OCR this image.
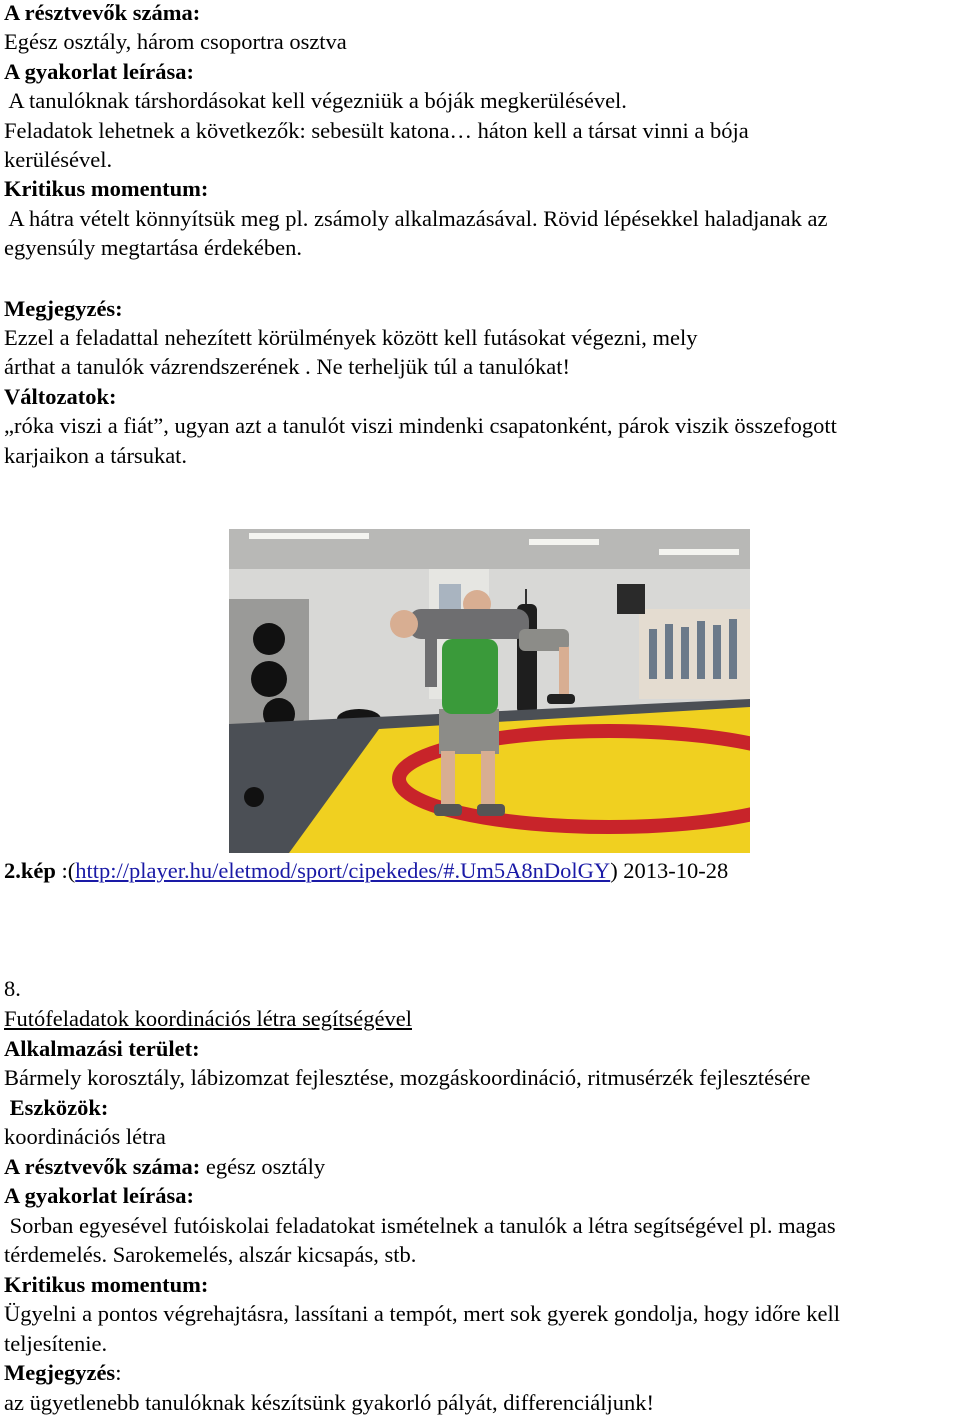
A résztvevők száma:
Egész osztály, három csoportra osztva
A gyakorlat leírása:
A tanulóknak társhordásokat kell végezniük a bóják megkerülésével.
Feladatok lehetnek a következők: sebesült katona… háton kell a társat vinni a bója
kerülésével.
Kritikus momentum:
A hátra vételt könnyítsük meg pl. zsámoly alkalmazásával. Rövid lépésekkel haladjanak az
egyensúly megtartása érdekében.
Megjegyzés:
Ezzel a feladattal nehezített körülmények között kell futásokat végezni, mely
árthat a tanulók vázrendszerének . Ne terheljük túl a tanulókat!
Változatok:
„róka viszi a fiát”, ugyan azt a tanulót viszi mindenki csapatonként, párok viszik összefogott
karjaikon a társukat.
2.kép :(http://player.hu/eletmod/sport/cipekedes/#.Um5A8nDolGY) 2013-10-28
8.
Futófeladatok koordinációs létra segítségével
Alkalmazási terület:
Bármely korosztály, lábizomzat fejlesztése, mozgáskoordináció, ritmusérzék fejlesztésére
Eszközök:
koordinációs létra
A résztvevők száma: egész osztály
A gyakorlat leírása:
Sorban egyesével futóiskolai feladatokat ismételnek a tanulók a létra segítségével pl. magas
térdemelés. Sarokemelés, alszár kicsapás, stb.
Kritikus momentum:
Ügyelni a pontos végrehajtásra, lassítani a tempót, mert sok gyerek gondolja, hogy időre kell
teljesítenie.
Megjegyzés:
az ügyetlenebb tanulóknak készítsünk gyakorló pályát, differenciáljunk!
